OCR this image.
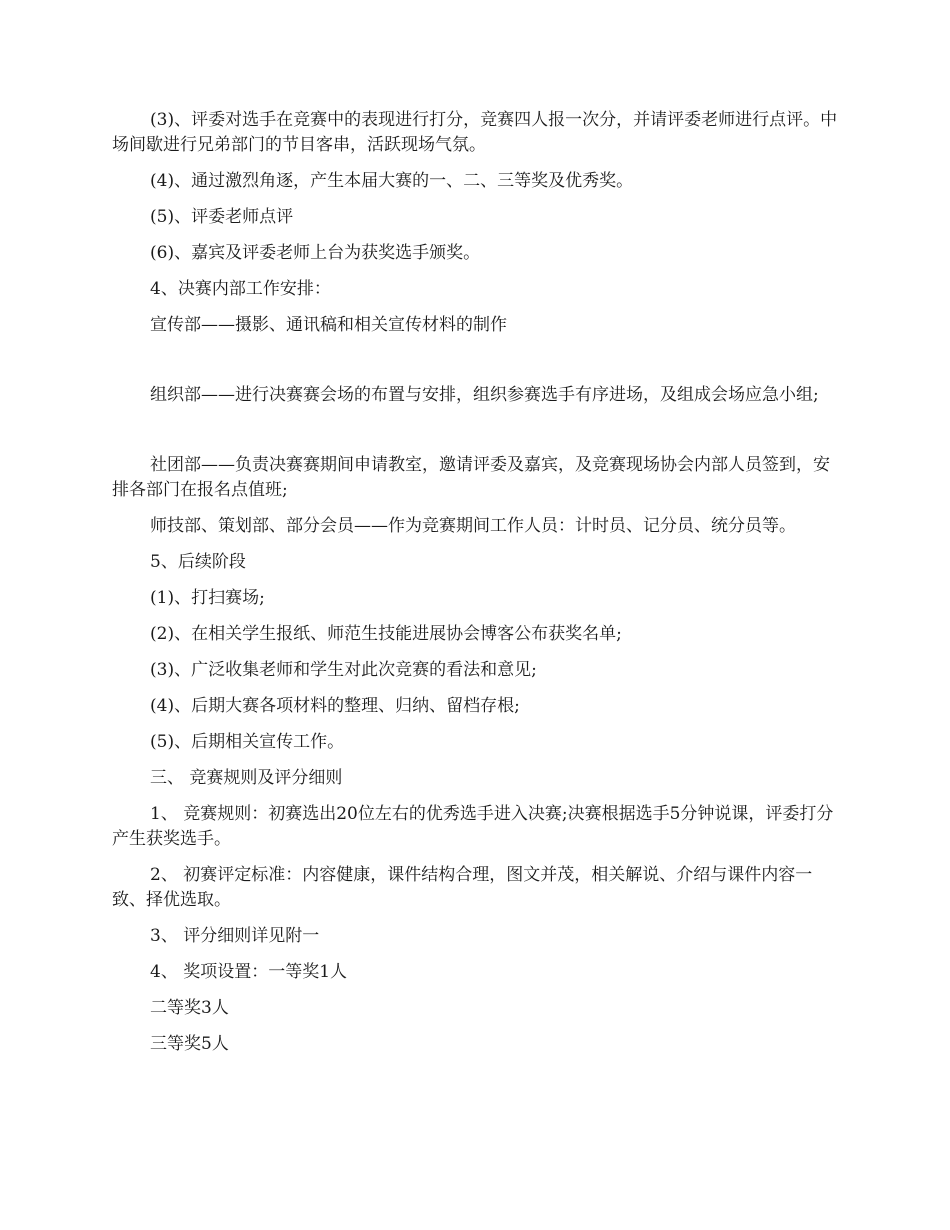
(3)、评委对选手在竞赛中的表现进行打分，竞赛四人报一次分，并请评委老师进行点评。中场间歇进行兄弟部门的节目客串，活跃现场气氛。

(4)、通过激烈角逐，产生本届大赛的一、二、三等奖及优秀奖。

(5)、评委老师点评

(6)、嘉宾及评委老师上台为获奖选手颁奖。

4、决赛内部工作安排：

宣传部——摄影、通讯稿和相关宣传材料的制作

组织部——进行决赛赛会场的布置与安排，组织参赛选手有序进场，及组成会场应急小组;

社团部——负责决赛赛期间申请教室，邀请评委及嘉宾，及竞赛现场协会内部人员签到，安排各部门在报名点值班;

师技部、策划部、部分会员——作为竞赛期间工作人员：计时员、记分员、统分员等。

5、后续阶段

(1)、打扫赛场;

(2)、在相关学生报纸、师范生技能进展协会博客公布获奖名单;

(3)、广泛收集老师和学生对此次竞赛的看法和意见;

(4)、后期大赛各项材料的整理、归纳、留档存根;

(5)、后期相关宣传工作。

三、 竞赛规则及评分细则

1、 竞赛规则：初赛选出20位左右的优秀选手进入决赛;决赛根据选手5分钟说课，评委打分产生获奖选手。

2、 初赛评定标准：内容健康，课件结构合理，图文并茂，相关解说、介绍与课件内容一致、择优选取。

3、 评分细则详见附一

4、 奖项设置：一等奖1人

二等奖3人

三等奖5人
